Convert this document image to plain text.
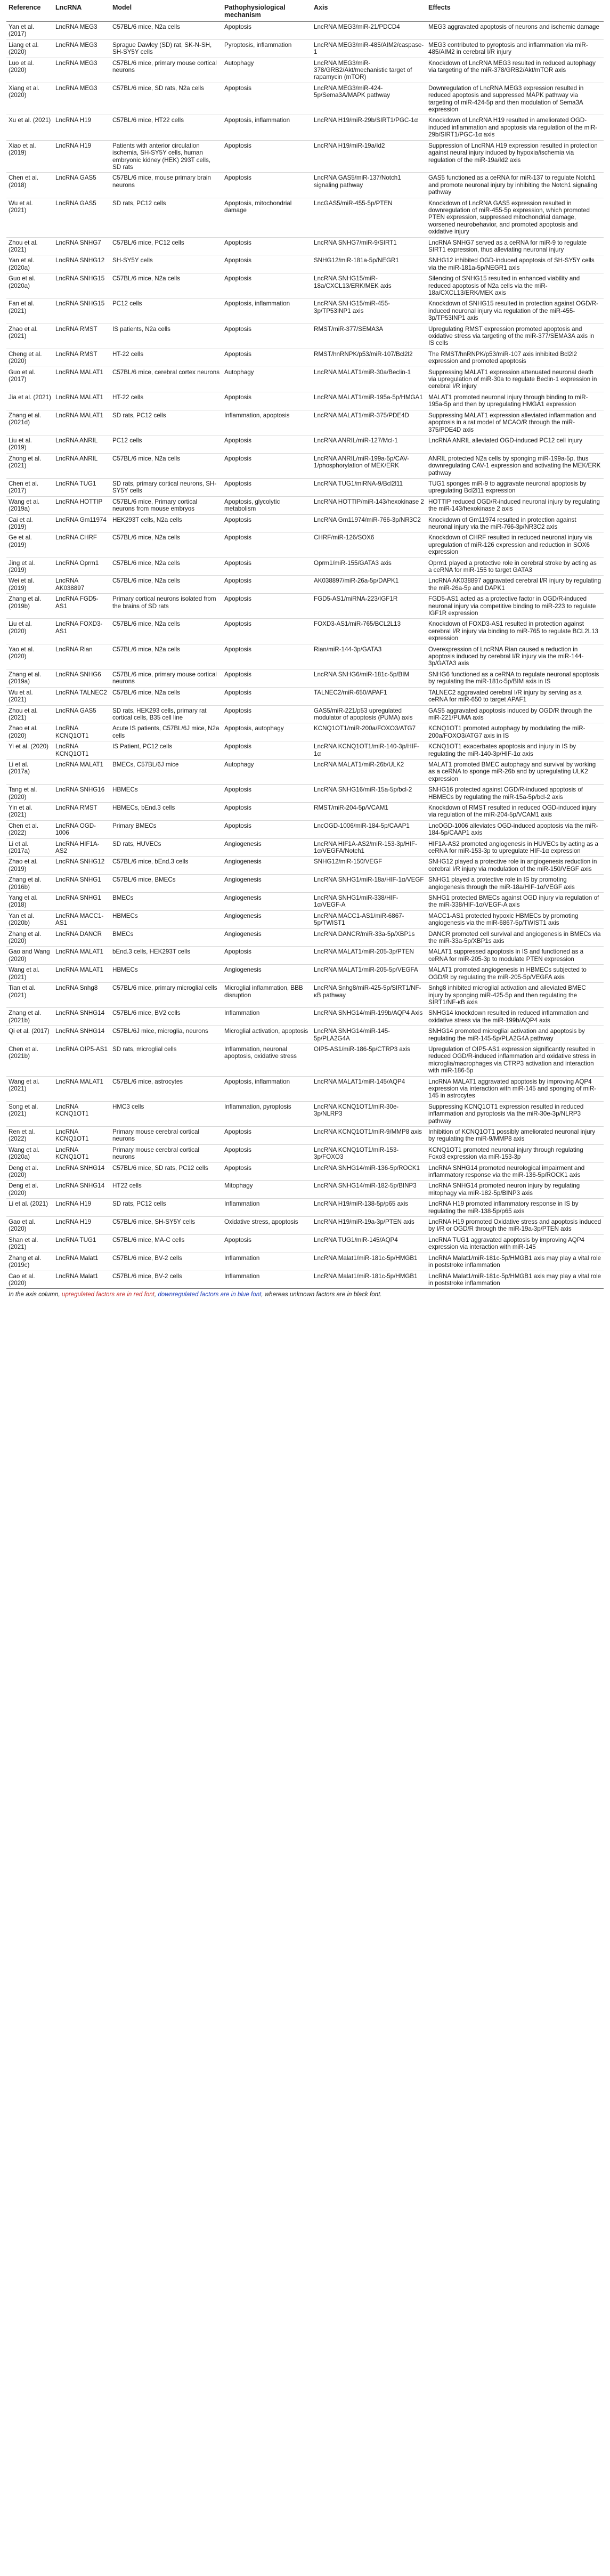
Reference	LncRNA	Model	Pathophysiological mechanism	Axis	Effects
Yan et al. (2017)	LncRNA MEG3	C57BL/6 mice, N2a cells	Apoptosis	LncRNA MEG3/miR-21/PDCD4	MEG3 aggravated apoptosis of neurons and ischemic damage
Liang et al. (2020)	LncRNA MEG3	Sprague Dawley (SD) rat, SK-N-SH, SH-SY5Y cells	Pyroptosis, inflammation	LncRNA MEG3/miR-485/AIM2/caspase-1	MEG3 contributed to pyroptosis and inflammation via miR-485/AIM2 in cerebral I/R injury
Luo et al. (2020)	LncRNA MEG3	C57BL/6 mice, primary mouse cortical neurons	Autophagy	LncRNA MEG3/miR-378/GRB2/Akt/mechanistic target of rapamycin (mTOR)	Knockdown of LncRNA MEG3 resulted in reduced autophagy via targeting of the miR-378/GRB2/Akt/mTOR axis
Xiang et al. (2020)	LncRNA MEG3	C57BL/6 mice, SD rats, N2a cells	Apoptosis	LncRNA MEG3/miR-424-5p/Sema3A/MAPK pathway	Downregulation of LncRNA MEG3 expression resulted in reduced apoptosis and suppressed MAPK pathway via targeting of miR-424-5p and then modulation of Sema3A expression
Xu et al. (2021)	LncRNA H19	C57BL/6 mice, HT22 cells	Apoptosis, inflammation	LncRNA H19/miR-29b/SIRT1/PGC-1α	Knockdown of LncRNA H19 resulted in ameliorated OGD-induced inflammation and apoptosis via regulation of the miR-29b/SIRT1/PGC-1α axis
Xiao et al. (2019)	LncRNA H19	Patients with anterior circulation ischemia, SH-SY5Y cells, human embryonic kidney (HEK) 293T cells, SD rats	Apoptosis	LncRNA H19/miR-19a/Id2	Suppression of LncRNA H19 expression resulted in protection against neural injury induced by hypoxia/ischemia via regulation of the miR-19a/Id2 axis
Chen et al. (2018)	LncRNA GAS5	C57BL/6 mice, mouse primary brain neurons	Apoptosis	LncRNA GAS5/miR-137/Notch1 signaling pathway	GAS5 functioned as a ceRNA for miR-137 to regulate Notch1 and promote neuronal injury by inhibiting the Notch1 signaling pathway
Wu et al. (2021)	LncRNA GAS5	SD rats, PC12 cells	Apoptosis, mitochondrial damage	LncGAS5/miR-455-5p/PTEN	Knockdown of LncRNA GAS5 expression resulted in downregulation of miR-455-5p expression, which promoted PTEN expression, suppressed mitochondrial damage, worsened neurobehavior, and promoted apoptosis and oxidative injury
Zhou et al. (2021)	LncRNA SNHG7	C57BL/6 mice, PC12 cells	Apoptosis	LncRNA SNHG7/miR-9/SIRT1	LncRNA SNHG7 served as a ceRNA for miR-9 to regulate SIRT1 expression, thus alleviating neuronal injury
Yan et al. (2020a)	LncRNA SNHG12	SH-SY5Y cells	Apoptosis	SNHG12/miR-181a-5p/NEGR1	SNHG12 inhibited OGD-induced apoptosis of SH-SY5Y cells via the miR-181a-5p/NEGR1 axis
Guo et al. (2020a)	LncRNA SNHG15	C57BL/6 mice, N2a cells	Apoptosis	LncRNA SNHG15/miR-18a/CXCL13/ERK/MEK axis	Silencing of SNHG15 resulted in enhanced viability and reduced apoptosis of N2a cells via the miR-18a/CXCL13/ERK/MEK axis
Fan et al. (2021)	LncRNA SNHG15	PC12 cells	Apoptosis, inflammation	LncRNA SNHG15/miR-455-3p/TP53INP1 axis	Knockdown of SNHG15 resulted in protection against OGD/R-induced neuronal injury via regulation of the miR-455-3p/TP53INP1 axis
Zhao et al. (2021)	LncRNA RMST	IS patients, N2a cells	Apoptosis	RMST/miR-377/SEMA3A	Upregulating RMST expression promoted apoptosis and oxidative stress via targeting of the miR-377/SEMA3A axis in IS cells
Cheng et al. (2020)	LncRNA RMST	HT-22 cells	Apoptosis	RMST/hnRNPK/p53/miR-107/Bcl2l2	The RMST/hnRNPK/p53/miR-107 axis inhibited Bcl2l2 expression and promoted apoptosis
Guo et al. (2017)	LncRNA MALAT1	C57BL/6 mice, cerebral cortex neurons	Autophagy	LncRNA MALAT1/miR-30a/Beclin-1	Suppressing MALAT1 expression attenuated neuronal death via upregulation of miR-30a to regulate Beclin-1 expression in cerebral I/R injury
Jia et al. (2021)	LncRNA MALAT1	HT-22 cells	Apoptosis	LncRNA MALAT1/miR-195a-5p/HMGA1	MALAT1 promoted neuronal injury through binding to miR-195a-5p and then by upregulating HMGA1 expression
Zhang et al. (2021d)	LncRNA MALAT1	SD rats, PC12 cells	Inflammation, apoptosis	LncRNA MALAT1/miR-375/PDE4D	Suppressing MALAT1 expression alleviated inflammation and apoptosis in a rat model of MCAO/R through the miR-375/PDE4D axis
Liu et al. (2019)	LncRNA ANRIL	PC12 cells	Apoptosis	LncRNA ANRIL/miR-127/Mcl-1	LncRNA ANRIL alleviated OGD-induced PC12 cell injury
Zhong et al. (2021)	LncRNA ANRIL	C57BL/6 mice, N2a cells	Apoptosis	LncRNA ANRIL/miR-199a-5p/CAV-1/phosphorylation of MEK/ERK	ANRIL protected N2a cells by sponging miR-199a-5p, thus downregulating CAV-1 expression and activating the MEK/ERK pathway
Chen et al. (2017)	LncRNA TUG1	SD rats, primary cortical neurons, SH-SY5Y cells	Apoptosis	LncRNA TUG1/miRNA-9/Bcl2l11	TUG1 sponges miR-9 to aggravate neuronal apoptosis by upregulating Bcl2l11 expression
Wang et al. (2019a)	LncRNA HOTTIP	C57BL/6 mice, Primary cortical neurons from mouse embryos	Apoptosis, glycolytic metabolism	LncRNA HOTTIP/miR-143/hexokinase 2	HOTTIP reduced OGD/R-induced neuronal injury by regulating the miR-143/hexokinase 2 axis
Cai et al. (2019)	LncRNA Gm11974	HEK293T cells, N2a cells	Apoptosis	LncRNA Gm11974/miR-766-3p/NR3C2	Knockdown of Gm11974 resulted in protection against neuronal injury via the miR-766-3p/NR3C2 axis
Ge et al. (2019)	LncRNA CHRF	C57BL/6 mice, N2a cells	Apoptosis	CHRF/miR-126/SOX6	Knockdown of CHRF resulted in reduced neuronal injury via upregulation of miR-126 expression and reduction in SOX6 expression
Jing et al. (2019)	LncRNA Oprm1	C57BL/6 mice, N2a cells	Apoptosis	Oprm1/miR-155/GATA3 axis	Oprm1 played a protective role in cerebral stroke by acting as a ceRNA for miR-155 to target GATA3
Wei et al. (2019)	LncRNA AK038897	C57BL/6 mice, N2a cells	Apoptosis	AK038897/miR-26a-5p/DAPK1	LncRNA AK038897 aggravated cerebral I/R injury by regulating the miR-26a-5p and DAPK1
Zhang et al. (2019b)	LncRNA FGD5-AS1	Primary cortical neurons isolated from the brains of SD rats	Apoptosis	FGD5-AS1/miRNA-223/IGF1R	FGD5-AS1 acted as a protective factor in OGD/R-induced neuronal injury via competitive binding to miR-223 to regulate IGF1R expression
Liu et al. (2020)	LncRNA FOXD3-AS1	C57BL/6 mice, N2a cells	Apoptosis	FOXD3-AS1/miR-765/BCL2L13	Knockdown of FOXD3-AS1 resulted in protection against cerebral I/R injury via binding to miR-765 to regulate BCL2L13 expression
Yao et al. (2020)	LncRNA Rian	C57BL/6 mice, N2a cells	Apoptosis	Rian/miR-144-3p/GATA3	Overexpression of LncRNA Rian caused a reduction in apoptosis induced by cerebral I/R injury via the miR-144-3p/GATA3 axis
Zhang et al. (2019a)	LncRNA SNHG6	C57BL/6 mice, primary mouse cortical neurons	Apoptosis	LncRNA SNHG6/miR-181c-5p/BIM	SNHG6 functioned as a ceRNA to regulate neuronal apoptosis by regulating the miR-181c-5p/BIM axis in IS
Wu et al. (2021)	LncRNA TALNEC2	C57BL/6 mice, N2a cells	Apoptosis	TALNEC2/miR-650/APAF1	TALNEC2 aggravated cerebral I/R injury by serving as a ceRNA for miR-650 to target APAF1
Zhou et al. (2021)	LncRNA GAS5	SD rats, HEK293 cells, primary rat cortical cells, B35 cell line	Apoptosis	GAS5/miR-221/p53 upregulated modulator of apoptosis (PUMA) axis	GAS5 aggravated apoptosis induced by OGD/R through the miR-221/PUMA axis
Zhao et al. (2020)	LncRNA KCNQ1OT1	Acute IS patients, C57BL/6J mice, N2a cells	Apoptosis, autophagy	KCNQ1OT1/miR-200a/FOXO3/ATG7	KCNQ1OT1 promoted autophagy by modulating the miR-200a/FOXO3/ATG7 axis in IS
Yi et al. (2020)	LncRNA KCNQ1OT1	IS Patient, PC12 cells	Apoptosis	LncRNA KCNQ1OT1/miR-140-3p/HIF-1α	KCNQ1OT1 exacerbates apoptosis and injury in IS by regulating the miR-140-3p/HIF-1α axis
Li et al. (2017a)	LncRNA MALAT1	BMECs, C57BL/6J mice	Autophagy	LncRNA MALAT1/miR-26b/ULK2	MALAT1 promoted BMEC autophagy and survival by working as a ceRNA to sponge miR-26b and by upregulating ULK2 expression
Tang et al. (2020)	LncRNA SNHG16	HBMECs	Apoptosis	LncRNA SNHG16/miR-15a-5p/bcl-2	SNHG16 protected against OGD/R-induced apoptosis of HBMECs by regulating the miR-15a-5p/bcl-2 axis
Yin et al. (2021)	LncRNA RMST	HBMECs, bEnd.3 cells	Apoptosis	RMST/miR-204-5p/VCAM1	Knockdown of RMST resulted in reduced OGD-induced injury via regulation of the miR-204-5p/VCAM1 axis
Chen et al. (2022)	LncRNA OGD-1006	Primary BMECs	Apoptosis	LncOGD-1006/miR-184-5p/CAAP1	LncOGD-1006 alleviates OGD-induced apoptosis via the miR-184-5p/CAAP1 axis
Li et al. (2017a)	LncRNA HIF1A-AS2	SD rats, HUVECs	Angiogenesis	LncRNA HIF1A-AS2/miR-153-3p/HIF-1α/VEGFA/Notch1	HIF1A-AS2 promoted angiogenesis in HUVECs by acting as a ceRNA for miR-153-3p to upregulate HIF-1α expression
Zhao et al. (2019)	LncRNA SNHG12	C57BL/6 mice, bEnd.3 cells	Angiogenesis	SNHG12/miR-150/VEGF	SNHG12 played a protective role in angiogenesis reduction in cerebral I/R injury via modulation of the miR-150/VEGF axis
Zhang et al. (2016b)	LncRNA SNHG1	C57BL/6 mice, BMECs	Angiogenesis	LncRNA SNHG1/miR-18a/HIF-1α/VEGF	SNHG1 played a protective role in IS by promoting angiogenesis through the miR-18a/HIF-1α/VEGF axis
Yang et al. (2018)	LncRNA SNHG1	BMECs	Angiogenesis	LncRNA SNHG1/miR-338/HIF-1α/VEGF-A	SNHG1 protected BMECs against OGD injury via regulation of the miR-338/HIF-1α/VEGF-A axis
Yan et al. (2020b)	LncRNA MACC1-AS1	HBMECs	Angiogenesis	LncRNA MACC1-AS1/miR-6867-5p/TWIST1	MACC1-AS1 protected hypoxic HBMECs by promoting angiogenesis via the miR-6867-5p/TWIST1 axis
Zhang et al. (2020)	LncRNA DANCR	BMECs	Angiogenesis	LncRNA DANCR/miR-33a-5p/XBP1s	DANCR promoted cell survival and angiogenesis in BMECs via the miR-33a-5p/XBP1s axis
Gao and Wang (2020)	LncRNA MALAT1	bEnd.3 cells, HEK293T cells	Apoptosis	LncRNA MALAT1/miR-205-3p/PTEN	MALAT1 suppressed apoptosis in IS and functioned as a ceRNA for miR-205-3p to modulate PTEN expression
Wang et al. (2021)	LncRNA MALAT1	HBMECs	Angiogenesis	LncRNA MALAT1/miR-205-5p/VEGFA	MALAT1 promoted angiogenesis in HBMECs subjected to OGD/R by regulating the miR-205-5p/VEGFA axis
Tian et al. (2021)	LncRNA Snhg8	C57BL/6 mice, primary microglial cells	Microglial inflammation, BBB disruption	LncRNA Snhg8/miR-425-5p/SIRT1/NF-κB pathway	Snhg8 inhibited microglial activation and alleviated BMEC injury by sponging miR-425-5p and then regulating the SIRT1/NF-κB axis
Zhang et al. (2021b)	LncRNA SNHG14	C57BL/6 mice, BV2 cells	Inflammation	LncRNA SNHG14/miR-199b/AQP4 Axis	SNHG14 knockdown resulted in reduced inflammation and oxidative stress via the miR-199b/AQP4 axis
Qi et al. (2017)	LncRNA SNHG14	C57BL/6J mice, microglia, neurons	Microglial activation, apoptosis	LncRNA SNHG14/miR-145-5p/PLA2G4A	SNHG14 promoted microglial activation and apoptosis by regulating the miR-145-5p/PLA2G4A pathway
Chen et al. (2021b)	LncRNA OIP5-AS1	SD rats, microglial cells	Inflammation, neuronal apoptosis, oxidative stress	OIP5-AS1/miR-186-5p/CTRP3 axis	Upregulation of OIP5-AS1 expression significantly resulted in reduced OGD/R-induced inflammation and oxidative stress in microglia/macrophages via CTRP3 activation and interaction with miR-186-5p
Wang et al. (2021)	LncRNA MALAT1	C57BL/6 mice, astrocytes	Apoptosis, inflammation	LncRNA MALAT1/miR-145/AQP4	LncRNA MALAT1 aggravated apoptosis by improving AQP4 expression via interaction with miR-145 and sponging of miR-145 in astrocytes
Song et al. (2021)	LncRNA KCNQ1OT1	HMC3 cells	Inflammation, pyroptosis	LncRNA KCNQ1OT1/miR-30e-3p/NLRP3	Suppressing KCNQ1OT1 expression resulted in reduced inflammation and pyroptosis via the miR-30e-3p/NLRP3 pathway
Ren et al. (2022)	LncRNA KCNQ1OT1	Primary mouse cerebral cortical neurons	Apoptosis	LncRNA KCNQ1OT1/miR-9/MMP8 axis	Inhibition of KCNQ1OT1 possibly ameliorated neuronal injury by regulating the miR-9/MMP8 axis
Wang et al. (2020a)	LncRNA KCNQ1OT1	Primary mouse cerebral cortical neurons	Apoptosis	LncRNA KCNQ1OT1/miR-153-3p/FOXO3	KCNQ1OT1 promoted neuronal injury through regulating Foxo3 expression via miR-153-3p
Deng et al. (2020)	LncRNA SNHG14	C57BL/6 mice, SD rats, PC12 cells	Apoptosis	LncRNA SNHG14/miR-136-5p/ROCK1	LncRNA SNHG14 promoted neurological impairment and inflammatory response via the miR-136-5p/ROCK1 axis
Deng et al. (2020)	LncRNA SNHG14	HT22 cells	Mitophagy	LncRNA SNHG14/miR-182-5p/BINP3	LncRNA SNHG14 promoted neuron injury by regulating mitophagy via miR-182-5p/BINP3 axis
Li et al. (2021)	LncRNA H19	SD rats, PC12 cells	Inflammation	LncRNA H19/miR-138-5p/p65 axis	LncRNA H19 promoted inflammatory response in IS by regulating the miR-138-5p/p65 axis
Gao et al. (2020)	LncRNA H19	C57BL/6 mice, SH-SY5Y cells	Oxidative stress, apoptosis	LncRNA H19/miR-19a-3p/PTEN axis	LncRNA H19 promoted Oxidative stress and apoptosis induced by I/R or OGD/R through the miR-19a-3p/PTEN axis
Shan et al. (2021)	LncRNA TUG1	C57BL/6 mice, MA-C cells	Apoptosis	LncRNA TUG1/miR-145/AQP4	LncRNA TUG1 aggravated apoptosis by improving AQP4 expression via interaction with miR-145
Zhang et al. (2019c)	LncRNA Malat1	C57BL/6 mice, BV-2 cells	Inflammation	LncRNA Malat1/miR-181c-5p/HMGB1	LncRNA Malat1/miR-181c-5p/HMGB1 axis may play a vital role in poststroke inflammation
Cao et al. (2020)	LncRNA Malat1	C57BL/6 mice, BV-2 cells	Inflammation	LncRNA Malat1/miR-181c-5p/HMGB1	LncRNA Malat1/miR-181c-5p/HMGB1 axis may play a vital role in poststroke inflammation
In the axis column, upregulated factors are in red font, downregulated factors are in blue font, whereas unknown factors are in black font.
